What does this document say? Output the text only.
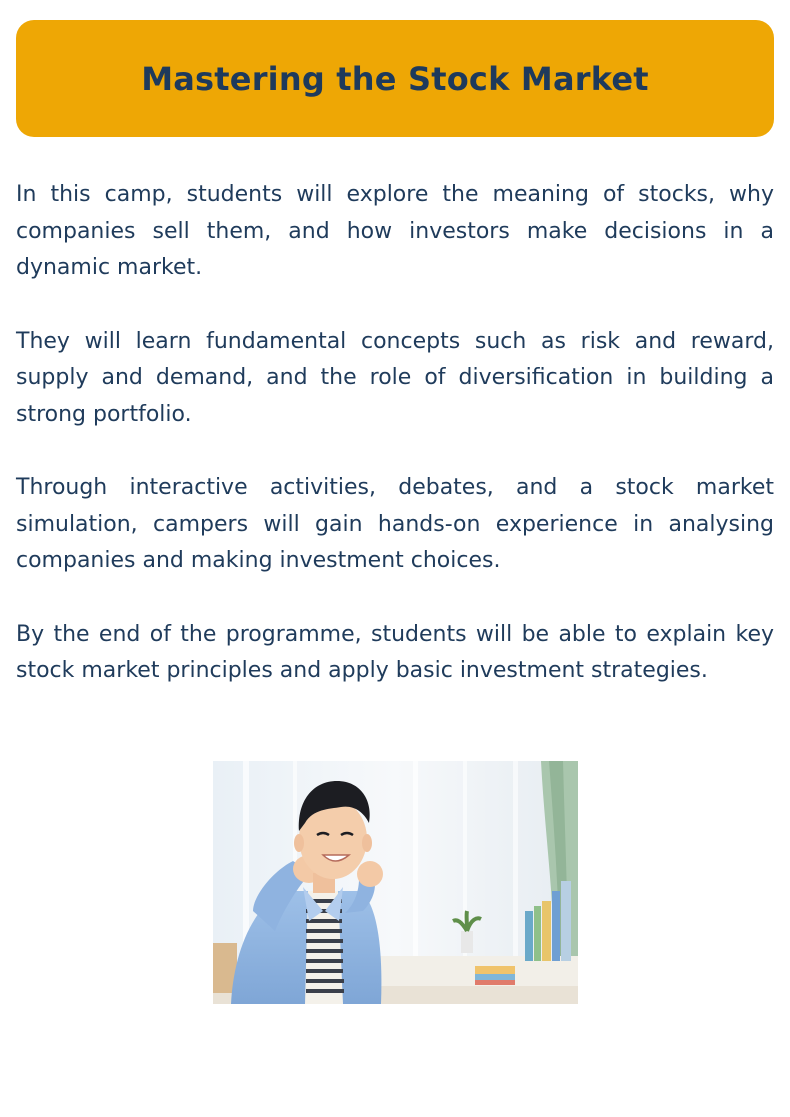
Mastering the Stock Market

In this camp, students will explore the meaning of stocks, why companies sell them, and how investors make decisions in a dynamic market.

They will learn fundamental concepts such as risk and reward, supply and demand, and the role of diversification in building a strong portfolio.

Through interactive activities, debates, and a stock market simulation, campers will gain hands-on experience in analysing companies and making investment choices.

By the end of the programme, students will be able to explain key stock market principles and apply basic investment strategies.
